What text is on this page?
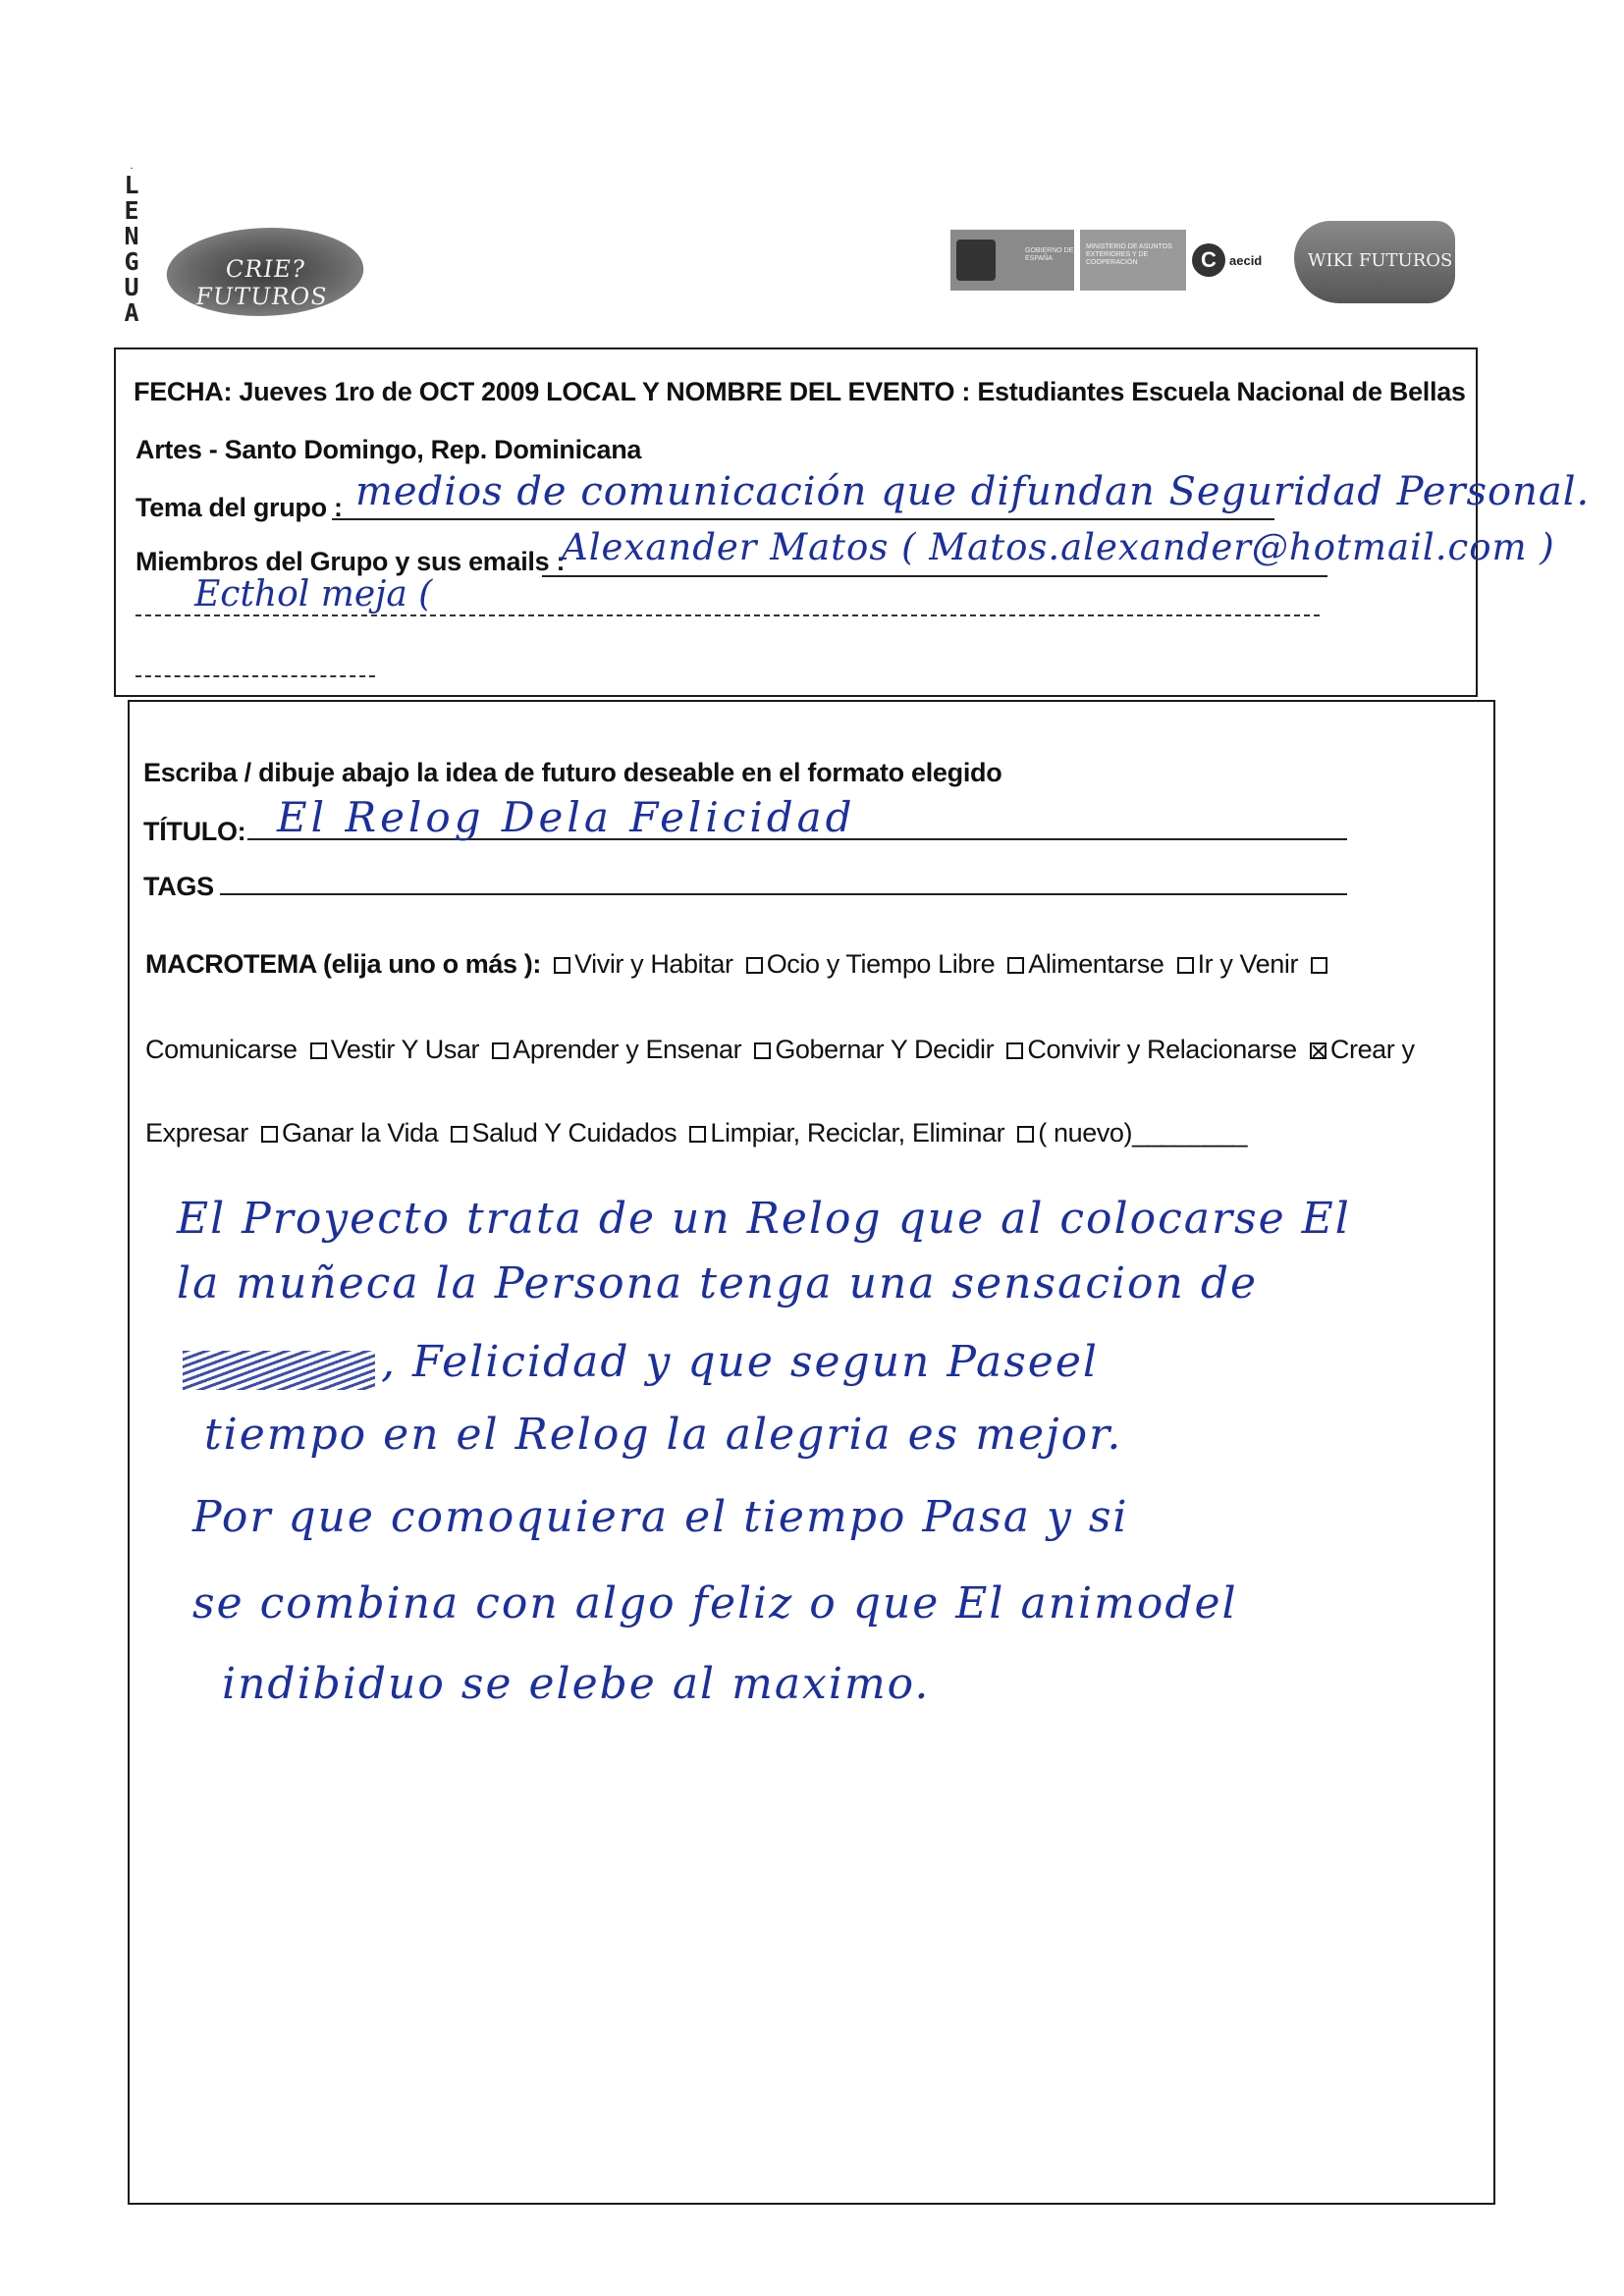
·
L
E
N
G
U
A
CRIE?FUTUROS
GOBIERNO DE ESPAÑA
MINISTERIO DE ASUNTOS EXTERIORES Y DE COOPERACIÓN	C	aecid	WIKI FUTUROS
FECHA: Jueves 1ro de OCT 2009 LOCAL Y NOMBRE DEL EVENTO : Estudiantes Escuela Nacional de Bellas
Artes - Santo Domingo, Rep. Dominicana
Tema del grupo : medios de comunicación que difundan Seguridad Personal.
Miembros del Grupo y sus emails :
Alexander Matos ( Matos.alexander@hotmail.com )
Ecthol meja (
Escriba / dibuje abajo la idea de futuro deseable en el formato elegido
TÍTULO: El Relog Dela Felicidad
TAGS
MACROTEMA (elija uno o más ): Vivir y Habitar Ocio y Tiempo Libre Alimentarse Ir y Venir
Comunicarse Vestir Y Usar Aprender y Ensenar Gobernar Y Decidir Convivir y Relacionarse Crear y
Expresar Ganar la Vida Salud Y Cuidados Limpiar, Reciclar, Eliminar ( nuevo)________
El Proyecto trata de un Relog que al colocarse El
la muñeca la Persona tenga una sensacion de
, Felicidad y que segun Paseel
tiempo en el Relog la alegria es mejor.
Por que comoquiera el tiempo Pasa y si
se combina con algo feliz o que El animodel
indibiduo se elebe al maximo.
